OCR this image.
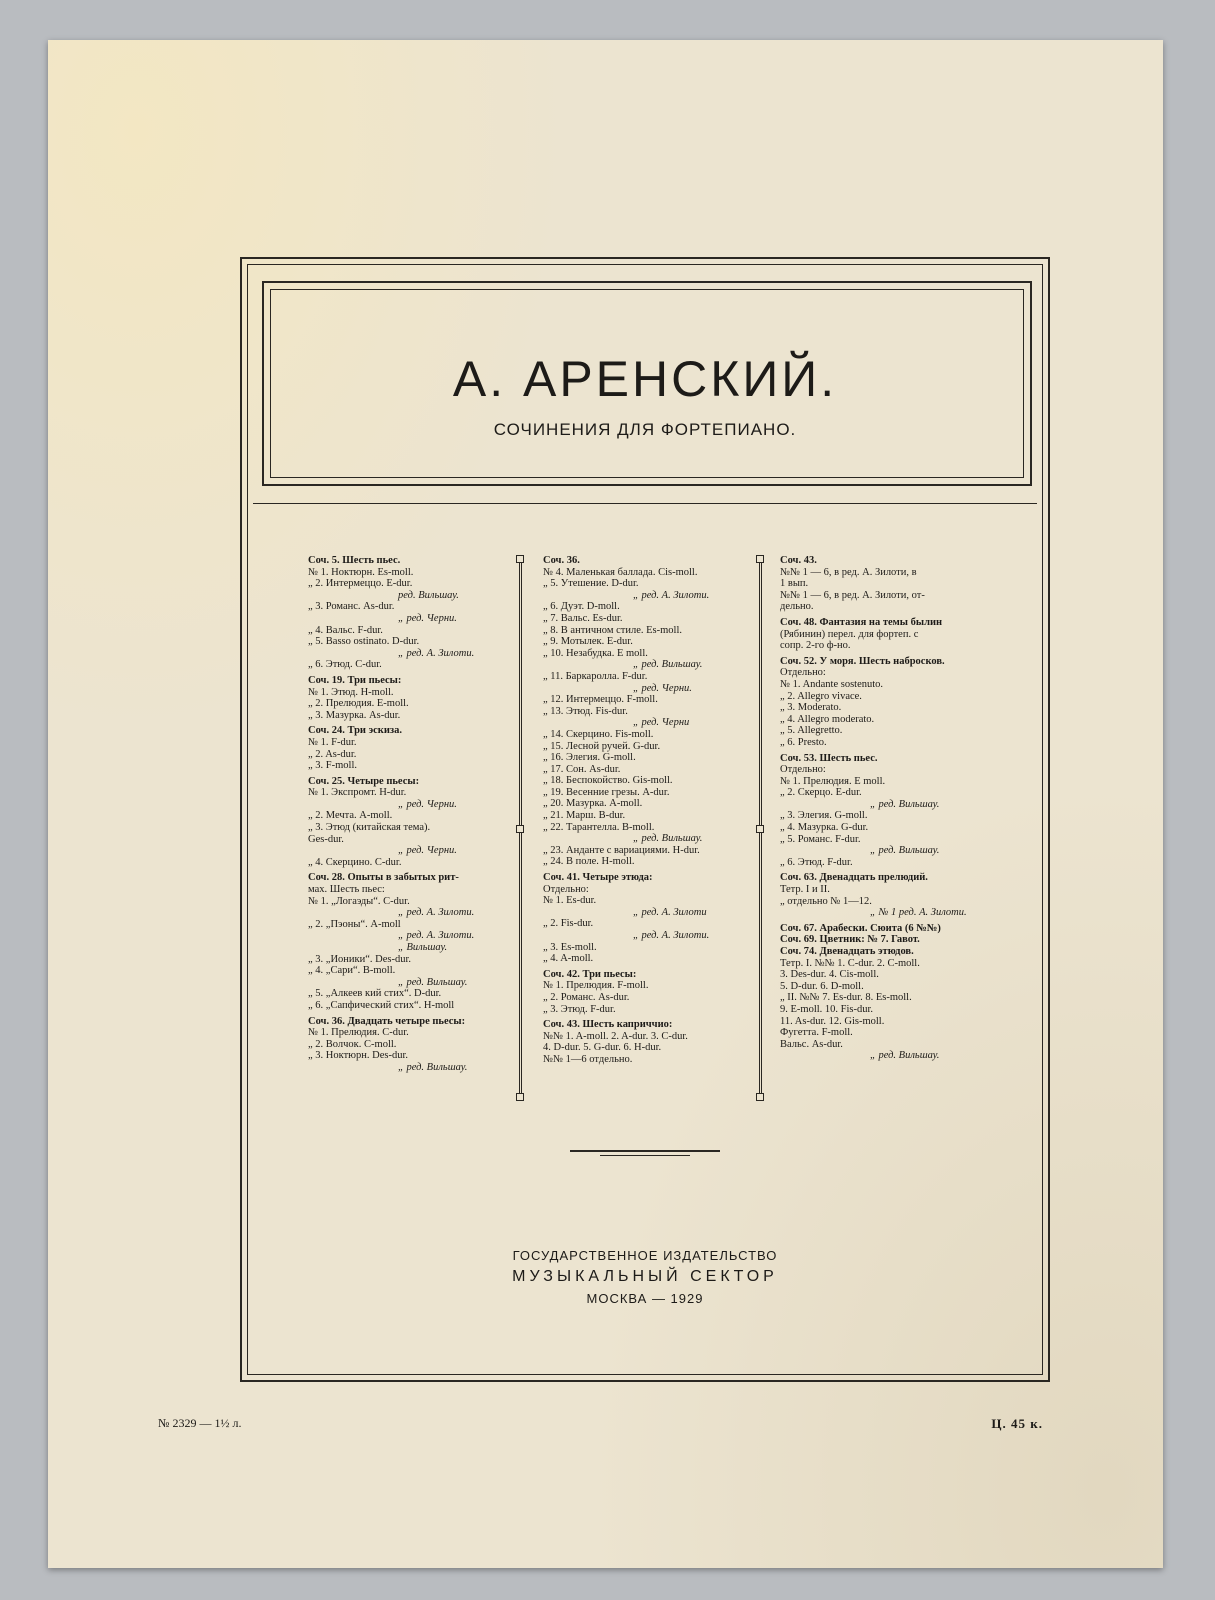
А. АРЕНСКИЙ.
СОЧИНЕНИЯ ДЛЯ ФОРТЕПИАНО.
Соч. 5. Шесть пьес.
№ 1. Ноктюрн. Es-moll.
„ 2. Интермеццо. E-dur.
ред. Вильшау.
„ 3. Романс. As-dur.
„ ред. Черни.
„ 4. Вальс. F-dur.
„ 5. Basso ostinato. D-dur.
„ ред. А. Зилоти.
„ 6. Этюд. C-dur.
Соч. 19. Три пьесы:
№ 1. Этюд. H-moll.
„ 2. Прелюдия. E-moll.
„ 3. Мазурка. As-dur.
Соч. 24. Три эскиза.
№ 1. F-dur.
„ 2. As-dur.
„ 3. F-moll.
Соч. 25. Четыре пьесы:
№ 1. Экспромт. H-dur.
„ ред. Черни.
„ 2. Мечта. A-moll.
„ 3. Этюд (китайская тема).
Ges-dur.
„ ред. Черни.
„ 4. Скерцино. C-dur.
Соч. 28. Опыты в забытых рит-
мах. Шесть пьес:
№ 1. „Логаэды“. C-dur.
„ ред. А. Зилоти.
„ 2. „Пэоны“. A-moll
„ ред. А. Зилоти.
„ Вильшау.
„ 3. „Ионики“. Des-dur.
„ 4. „Сари“. B-moll.
„ ред. Вильшау.
„ 5. „Алкеев кий стих“. D-dur.
„ 6. „Сапфический стих“. H-moll
Соч. 36. Двадцать четыре пьесы:
№ 1. Прелюдия. C-dur.
„ 2. Волчок. C-moll.
„ 3. Ноктюрн. Des-dur.
„ ред. Вильшау.
Соч. 36.
№ 4. Маленькая баллада. Cis-moll.
„ 5. Утешение. D-dur.
„ ред. А. Зилоти.
„ 6. Дуэт. D-moll.
„ 7. Вальс. Es-dur.
„ 8. В античном стиле. Es-moll.
„ 9. Мотылек. E-dur.
„ 10. Незабудка. E moll.
„ ред. Вильшау.
„ 11. Баркаролла. F-dur.
„ ред. Черни.
„ 12. Интермеццо. F-moll.
„ 13. Этюд. Fis-dur.
„ ред. Черни
„ 14. Скерцино. Fis-moll.
„ 15. Лесной ручей. G-dur.
„ 16. Элегия. G-moll.
„ 17. Сон. As-dur.
„ 18. Беспокойство. Gis-moll.
„ 19. Весенние грезы. A-dur.
„ 20. Мазурка. A-moll.
„ 21. Марш. B-dur.
„ 22. Тарантелла. B-moll.
„ ред. Вильшау.
„ 23. Анданте с вариациями. H-dur.
„ 24. В поле. H-moll.
Соч. 41. Четыре этюда:
Отдельно:
№ 1. Es-dur.
„ ред. А. Зилоти
„ 2. Fis-dur.
„ ред. А. Зилоти.
„ 3. Es-moll.
„ 4. A-moll.
Соч. 42. Три пьесы:
№ 1. Прелюдия. F-moll.
„ 2. Романс. As-dur.
„ 3. Этюд. F-dur.
Соч. 43. Шесть каприччио:
№№ 1. A-moll. 2. A-dur. 3. C-dur.
4. D-dur. 5. G-dur. 6. H-dur.
№№ 1—6 отдельно.
Соч. 43.
№№ 1 — 6, в ред. А. Зилоти, в
1 вып.
№№ 1 — 6, в ред. А. Зилоти, от-
дельно.
Соч. 48. Фантазия на темы былин
(Рябинин) перел. для фортеп. с
сопр. 2-го ф-но.
Соч. 52. У моря. Шесть набросков.
Отдельно:
№ 1. Andante sostenuto.
„ 2. Allegro vivace.
„ 3. Moderato.
„ 4. Allegro moderato.
„ 5. Allegretto.
„ 6. Presto.
Соч. 53. Шесть пьес.
Отдельно:
№ 1. Прелюдия. E moll.
„ 2. Скерцо. E-dur.
„ ред. Вильшау.
„ 3. Элегия. G-moll.
„ 4. Мазурка. G-dur.
„ 5. Романс. F-dur.
„ ред. Вильшау.
„ 6. Этюд. F-dur.
Соч. 63. Двенадцать прелюдий.
Тетр. I и II.
„ отдельно № 1—12.
„ № 1 ред. А. Зилоти.
Соч. 67. Арабески. Сюита (6 №№)
Соч. 69. Цветник: № 7. Гавот.
Соч. 74. Двенадцать этюдов.
Тетр. I. №№ 1. C-dur. 2. C-moll.
3. Des-dur. 4. Cis-moll.
5. D-dur. 6. D-moll.
„ II. №№ 7. Es-dur. 8. Es-moll.
9. E-moll. 10. Fis-dur.
11. As-dur. 12. Gis-moll.
Фугетта. F-moll.
Вальс. As-dur.
„ ред. Вильшау.
ГОСУДАРСТВЕННОЕ ИЗДАТЕЛЬСТВО
МУЗЫКАЛЬНЫЙ СЕКТОР
МОСКВА — 1929
№ 2329 — 1½ л.	Ц. 45 к.
